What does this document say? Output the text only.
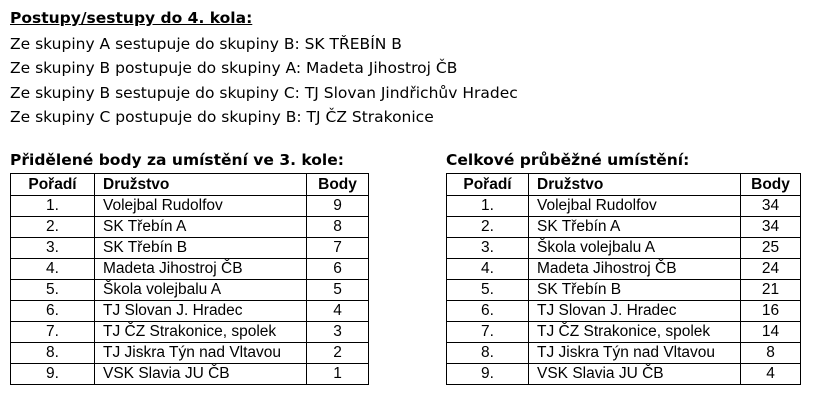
Postupy/sestupy do 4. kola:
Ze skupiny A sestupuje do skupiny B: SK TŘEBÍN B
Ze skupiny B postupuje do skupiny A: Madeta Jihostroj ČB
Ze skupiny B sestupuje do skupiny C: TJ Slovan Jindřichův Hradec
Ze skupiny C postupuje do skupiny B: TJ ČZ Strakonice
Přidělené body za umístění ve 3. kole:
Pořadí	Družstvo	Body
1.	Volejbal Rudolfov	9
2.	SK Třebín A	8
3.	SK Třebín B	7
4.	Madeta Jihostroj ČB	6
5.	Škola volejbalu A	5
6.	TJ Slovan J. Hradec	4
7.	TJ ČZ Strakonice, spolek	3
8.	TJ Jiskra Týn nad Vltavou	2
9.	VSK Slavia JU ČB	1
Celkové průběžné umístění:
Pořadí	Družstvo	Body
1.	Volejbal Rudolfov	34
2.	SK Třebín A	34
3.	Škola volejbalu A	25
4.	Madeta Jihostroj ČB	24
5.	SK Třebín B	21
6.	TJ Slovan J. Hradec	16
7.	TJ ČZ Strakonice, spolek	14
8.	TJ Jiskra Týn nad Vltavou	8
9.	VSK Slavia JU ČB	4
